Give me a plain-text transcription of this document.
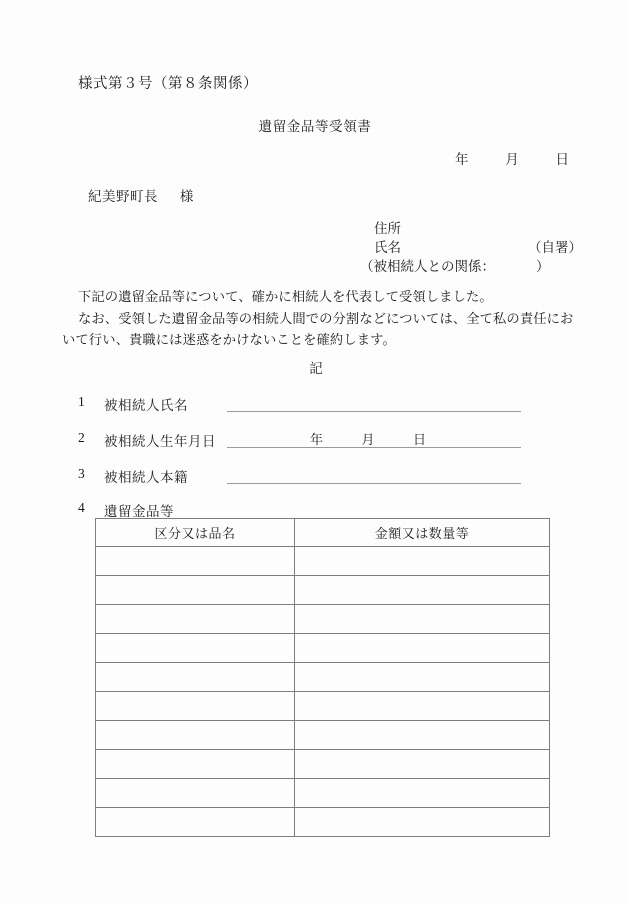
様式第３号（第８条関係）
遺留金品等受領書
年	月	日
紀美野町長 様
住所
氏名	（自署）
（被相続人との関係：	）

下記の遺留金品等について、確かに相続人を代表して受領しました。

なお、受領した遺留金品等の相続人間での分割などについては、全て私の責任において行い、貴職には迷惑をかけないことを確約します。

記
1 被相続人氏名
2 被相続人生年月日	年	月	日
3 被相続人本籍
4 遺留金品等
区分又は品名	金額又は数量等
